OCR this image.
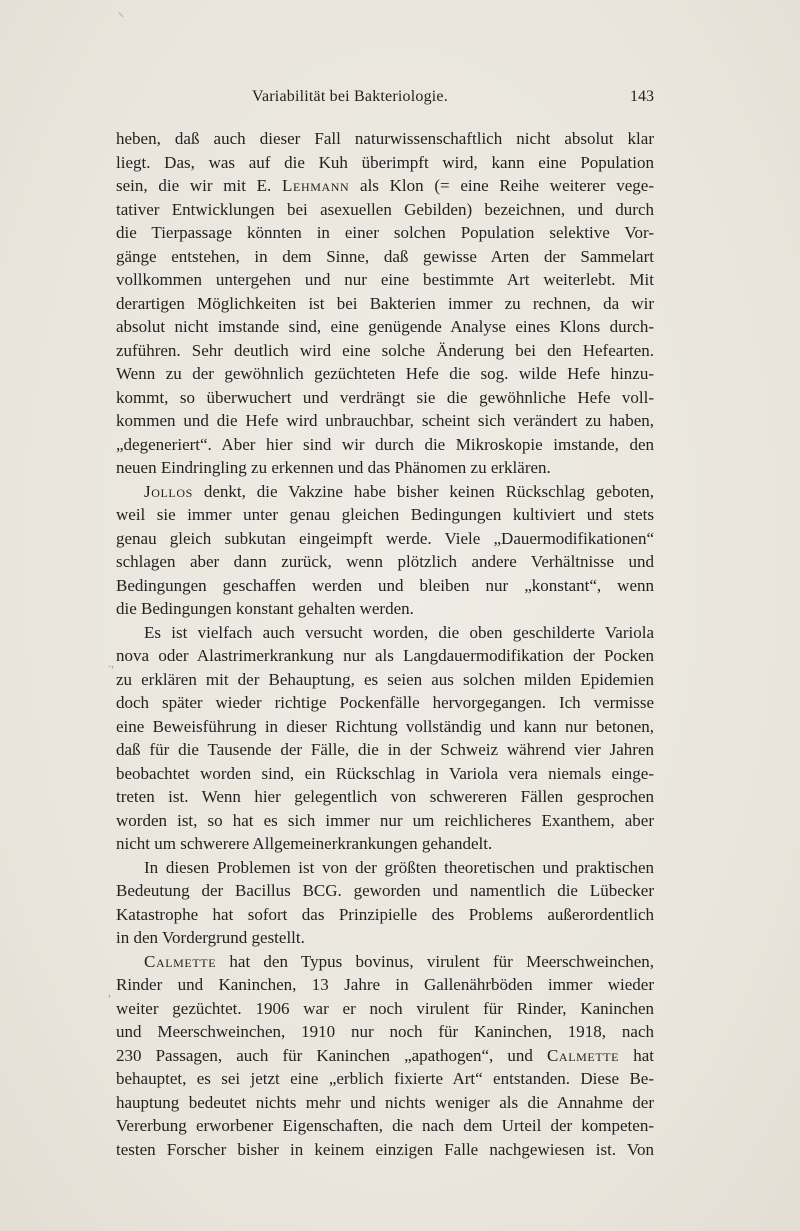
Variabilität bei Bakteriologie.	143
heben, daß auch dieser Fall naturwissenschaftlich nicht absolut klar
liegt. Das, was auf die Kuh überimpft wird, kann eine Population
sein, die wir mit E. Lehmann als Klon (= eine Reihe weiterer vege-
tativer Entwicklungen bei asexuellen Gebilden) bezeichnen, und durch
die Tierpassage könnten in einer solchen Population selektive Vor-
gänge entstehen, in dem Sinne, daß gewisse Arten der Sammelart
vollkommen untergehen und nur eine bestimmte Art weiterlebt. Mit
derartigen Möglichkeiten ist bei Bakterien immer zu rechnen, da wir
absolut nicht imstande sind, eine genügende Analyse eines Klons durch-
zuführen. Sehr deutlich wird eine solche Änderung bei den Hefearten.
Wenn zu der gewöhnlich gezüchteten Hefe die sog. wilde Hefe hinzu-
kommt, so überwuchert und verdrängt sie die gewöhnliche Hefe voll-
kommen und die Hefe wird unbrauchbar, scheint sich verändert zu haben,
„degeneriert“. Aber hier sind wir durch die Mikroskopie imstande, den
neuen Eindringling zu erkennen und das Phänomen zu erklären.
Jollos denkt, die Vakzine habe bisher keinen Rückschlag geboten,
weil sie immer unter genau gleichen Bedingungen kultiviert und stets
genau gleich subkutan eingeimpft werde. Viele „Dauermodifikationen“
schlagen aber dann zurück, wenn plötzlich andere Verhältnisse und
Bedingungen geschaffen werden und bleiben nur „konstant“, wenn
die Bedingungen konstant gehalten werden.
Es ist vielfach auch versucht worden, die oben geschilderte Variola
nova oder Alastrimerkrankung nur als Langdauermodifikation der Pocken
zu erklären mit der Behauptung, es seien aus solchen milden Epidemien
doch später wieder richtige Pockenfälle hervorgegangen. Ich vermisse
eine Beweisführung in dieser Richtung vollständig und kann nur betonen,
daß für die Tausende der Fälle, die in der Schweiz während vier Jahren
beobachtet worden sind, ein Rückschlag in Variola vera niemals einge-
treten ist. Wenn hier gelegentlich von schwereren Fällen gesprochen
worden ist, so hat es sich immer nur um reichlicheres Exanthem, aber
nicht um schwerere Allgemeinerkrankungen gehandelt.
In diesen Problemen ist von der größten theoretischen und praktischen
Bedeutung der Bacillus BCG. geworden und namentlich die Lübecker
Katastrophe hat sofort das Prinzipielle des Problems außerordentlich
in den Vordergrund gestellt.
Calmette hat den Typus bovinus, virulent für Meerschweinchen,
Rinder und Kaninchen, 13 Jahre in Gallenährböden immer wieder
weiter gezüchtet. 1906 war er noch virulent für Rinder, Kaninchen
und Meerschweinchen, 1910 nur noch für Kaninchen, 1918, nach
230 Passagen, auch für Kaninchen „apathogen“, und Calmette hat
behauptet, es sei jetzt eine „erblich fixierte Art“ entstanden. Diese Be-
hauptung bedeutet nichts mehr und nichts weniger als die Annahme der
Vererbung erworbener Eigenschaften, die nach dem Urteil der kompeten-
testen Forscher bisher in keinem einzigen Falle nachgewiesen ist. Von
⸌
.,
,
